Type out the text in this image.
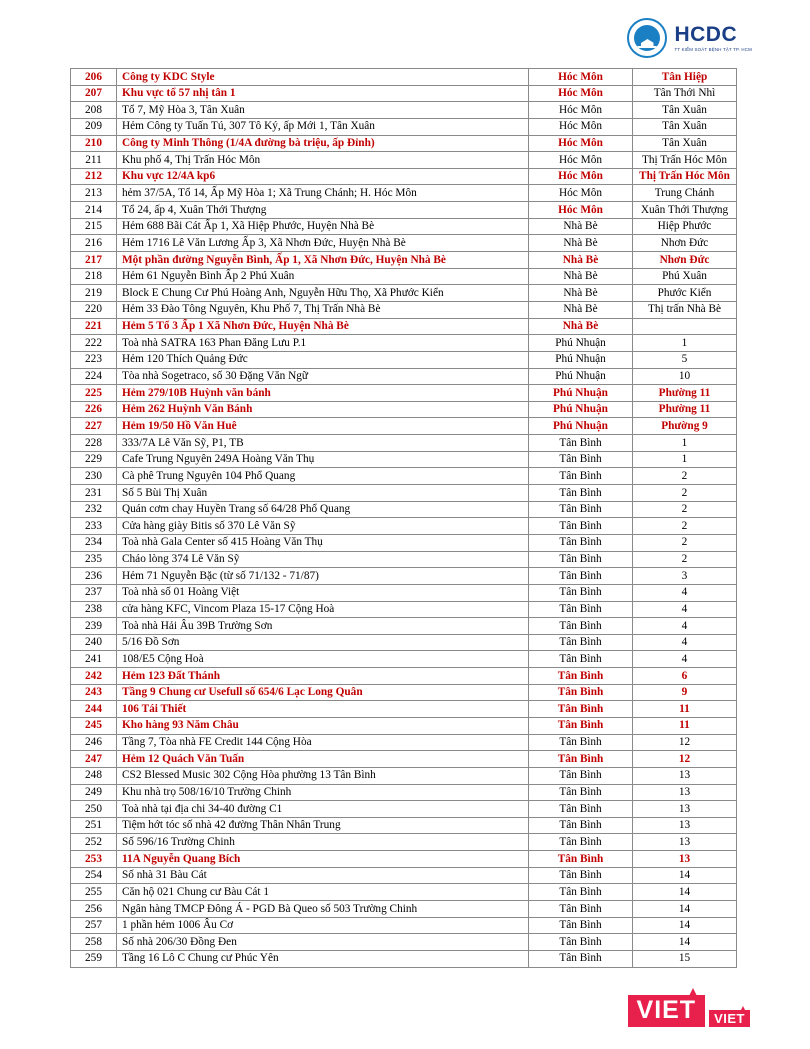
HCDC
TT KIỂM SOÁT BỆNH TẬT TP. HCM
206	Công ty KDC Style	Hóc Môn	Tân Hiệp
207	Khu vực tổ 57 nhị tân 1	Hóc Môn	Tân Thới Nhì
208	Tổ 7, Mỹ Hòa 3, Tân Xuân	Hóc Môn	Tân Xuân
209	Hẻm Công ty Tuấn Tú, 307 Tô Ký, ấp Mới 1, Tân Xuân	Hóc Môn	Tân Xuân
210	Công ty Minh Thông (1/4A đường bà triệu, ấp Đỉnh)	Hóc Môn	Tân Xuân
211	Khu phố 4, Thị Trấn Hóc Môn	Hóc Môn	Thị Trấn Hóc Môn
212	Khu vực 12/4A kp6	Hóc Môn	Thị Trấn Hóc Môn
213	hẻm 37/5A, Tổ 14, Ấp Mỹ Hòa 1; Xã Trung Chánh; H. Hóc Môn	Hóc Môn	Trung Chánh
214	Tổ 24, ấp 4, Xuân Thới Thượng	Hóc Môn	Xuân Thới Thượng
215	Hẻm 688 Bãi Cát Ấp 1, Xã Hiệp Phước, Huyện Nhà Bè	Nhà Bè	Hiệp Phước
216	Hẻm 1716 Lê Văn Lương Ấp 3, Xã Nhơn Đức, Huyện Nhà Bè	Nhà Bè	Nhơn Đức
217	Một phần đường Nguyễn Bình, Ấp 1, Xã Nhơn Đức, Huyện Nhà Bè	Nhà Bè	Nhơn Đức
218	Hẻm 61 Nguyễn Bình Ấp 2 Phú Xuân	Nhà Bè	Phú Xuân
219	Block E Chung Cư Phú Hoàng Anh, Nguyễn Hữu Thọ, Xã Phước Kiển	Nhà Bè	Phước Kiển
220	Hẻm 33 Đào Tông Nguyên, Khu Phố 7, Thị Trấn Nhà Bè	Nhà Bè	Thị trấn Nhà Bè
221	Hẻm 5 Tổ 3 Ấp 1 Xã Nhơn Đức, Huyện Nhà Bè	Nhà Bè	
222	Toà nhà SATRA 163 Phan Đăng Lưu P.1	Phú Nhuận	1
223	Hẻm 120 Thích Quảng Đức	Phú Nhuận	5
224	Tòa nhà Sogetraco, số 30 Đặng Văn Ngữ	Phú Nhuận	10
225	Hẻm 279/10B Huỳnh văn bánh	Phú Nhuận	Phường 11
226	Hẻm 262 Huỳnh Văn Bánh	Phú Nhuận	Phường 11
227	Hẻm 19/50 Hồ Văn Huê	Phú Nhuận	Phường 9
228	333/7A Lê Văn Sỹ, P1, TB	Tân Bình	1
229	Cafe Trung Nguyên 249A Hoàng Văn Thụ	Tân Bình	1
230	Cà phê Trung Nguyên 104 Phổ Quang	Tân Bình	2
231	Số 5 Bùi Thị Xuân	Tân Bình	2
232	Quán cơm chay Huyền Trang số 64/28 Phổ Quang	Tân Bình	2
233	Cửa hàng giày Bitis số 370 Lê Văn Sỹ	Tân Bình	2
234	Toà nhà Gala Center số 415 Hoàng Văn Thụ	Tân Bình	2
235	Cháo lòng 374 Lê Văn Sỹ	Tân Bình	2
236	Hẻm 71 Nguyễn Bặc (từ số 71/132 - 71/87)	Tân Bình	3
237	Toà nhà số 01 Hoàng Việt	Tân Bình	4
238	cửa hàng KFC, Vincom Plaza 15-17 Cộng Hoà	Tân Bình	4
239	Toà nhà Hải Âu 39B Trường Sơn	Tân Bình	4
240	5/16 Đồ Sơn	Tân Bình	4
241	108/E5 Cộng Hoà	Tân Bình	4
242	Hẻm 123 Đất Thánh	Tân Bình	6
243	Tầng 9 Chung cư Usefull số 654/6 Lạc Long Quân	Tân Bình	9
244	106 Tái Thiết	Tân Bình	11
245	Kho hàng 93 Năm Châu	Tân Bình	11
246	Tầng 7, Tòa nhà FE Credit 144 Cộng Hòa	Tân Bình	12
247	Hẻm 12 Quách Văn Tuấn	Tân Bình	12
248	CS2 Blessed Music 302 Cộng Hòa phường 13 Tân Bình	Tân Bình	13
249	Khu nhà trọ 508/16/10 Trường Chinh	Tân Bình	13
250	Toà nhà tại địa chi 34-40 đường C1	Tân Bình	13
251	Tiệm hớt tóc số nhà 42 đường Thân Nhân Trung	Tân Bình	13
252	Số 596/16 Trường Chinh	Tân Bình	13
253	11A Nguyễn Quang Bích	Tân Bình	13
254	Số nhà 31 Bàu Cát	Tân Bình	14
255	Căn hộ 021 Chung cư Bàu Cát 1	Tân Bình	14
256	Ngân hàng TMCP Đông Á - PGD Bà Queo số 503 Trường Chinh	Tân Bình	14
257	1 phần hẻm 1006 Âu Cơ	Tân Bình	14
258	Số nhà 206/30 Đồng Đen	Tân Bình	14
259	Tầng 16 Lô C Chung cư Phúc Yên	Tân Bình	15
VIET	VIET
